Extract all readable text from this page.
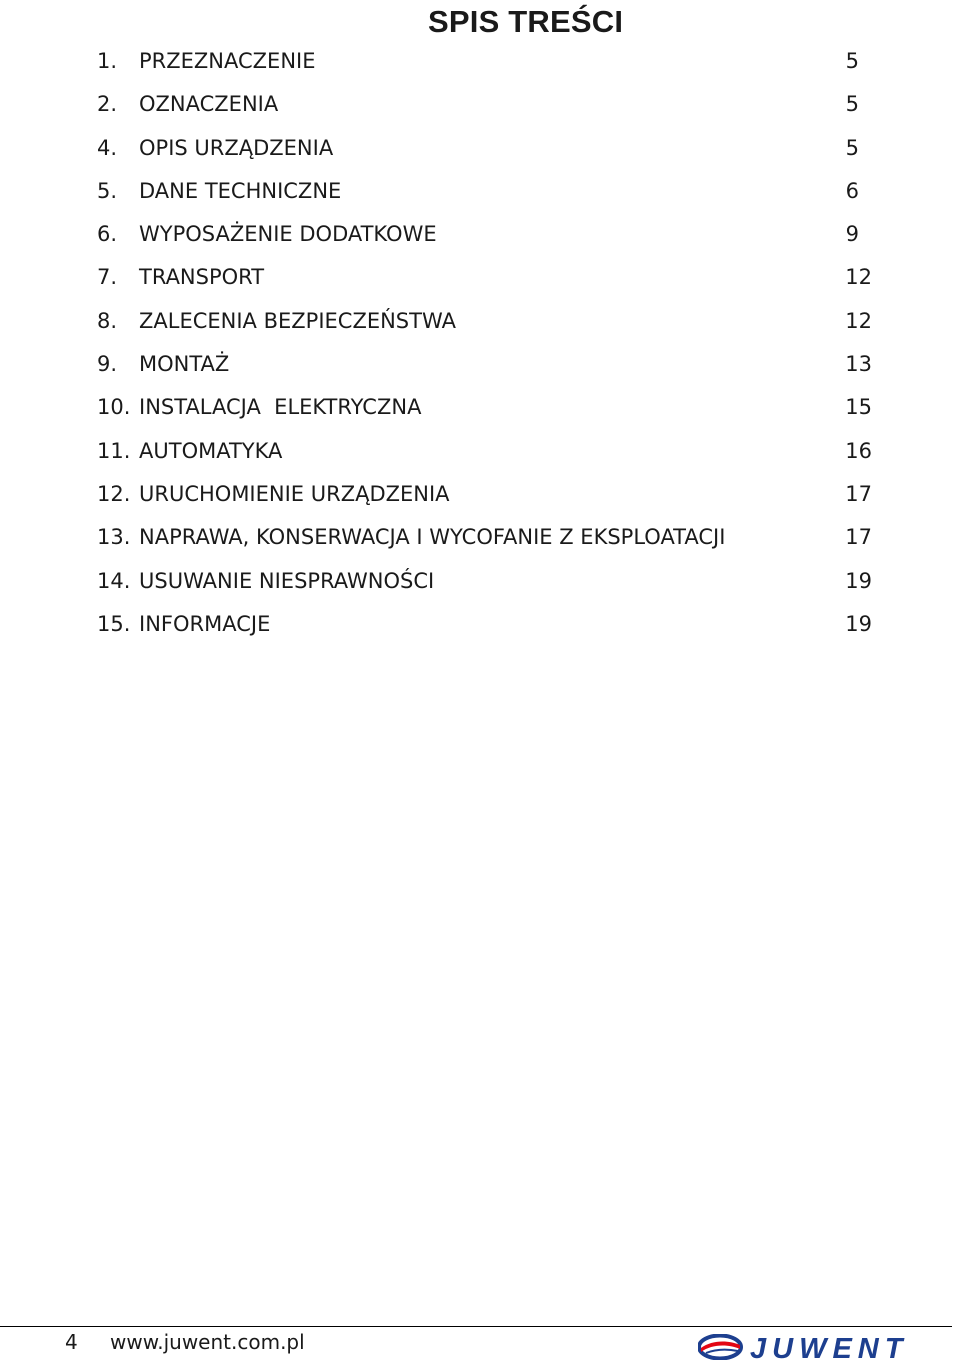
SPIS TREŚCI
1. PRZEZNACZENIE	5
2. OZNACZENIA	5
4. OPIS URZĄDZENIA	5
5. DANE TECHNICZNE	6
6. WYPOSAŻENIE DODATKOWE	9
7. TRANSPORT	12
8. ZALECENIA BEZPIECZEŃSTWA	12
9. MONTAŻ	13
10. INSTALACJA  ELEKTRYCZNA	15
11. AUTOMATYKA	16
12. URUCHOMIENIE URZĄDZENIA	17
13. NAPRAWA, KONSERWACJA I WYCOFANIE Z EKSPLOATACJI	17
14. USUWANIE NIESPRAWNOŚCI	19
15. INFORMACJE	19
4 www.juwent.com.pl	JUWENT
